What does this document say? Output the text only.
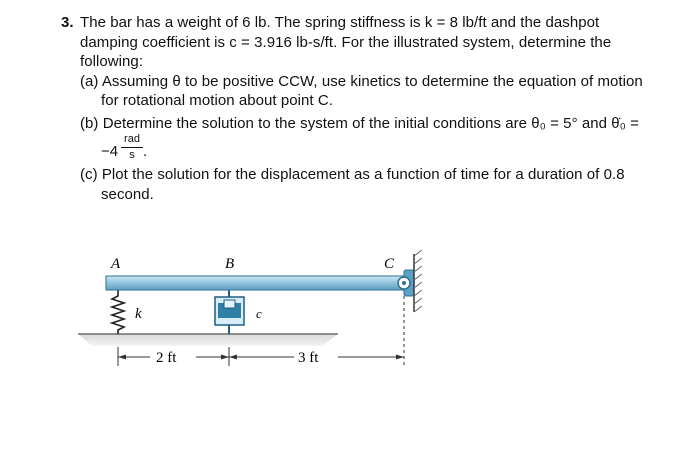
3. The bar has a weight of 6 lb. The spring stiffness is k = 8 lb/ft and the dashpot
damping coefficient is c = 3.916 lb-s/ft. For the illustrated system, determine the
following:
(a) Assuming θ to be positive CCW, use kinetics to determine the equation of motion
for rotational motion about point C.
(b) Determine the solution to the system of the initial conditions are θ₀ = 5° and θ̇₀ =
−4
rad
s .
(c) Plot the solution for the displacement as a function of time for a duration of 0.8
second.
A	B	C
k	c
2 ft	3 ft
